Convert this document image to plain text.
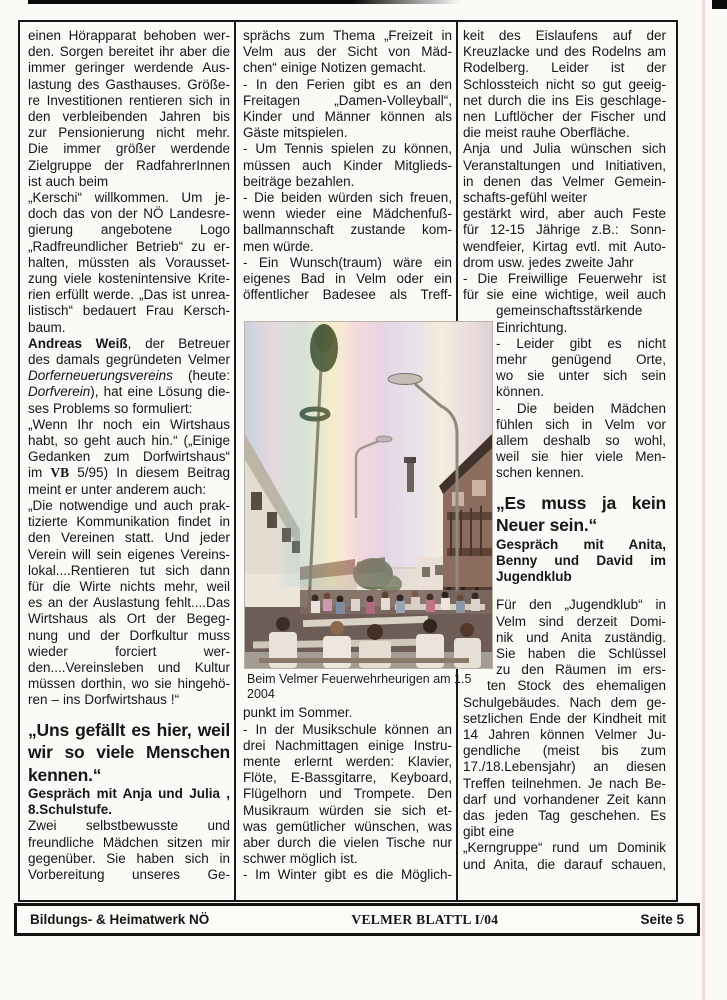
einen Hörapparat behoben wer-
den. Sorgen bereitet ihr aber die
immer geringer werdende Aus-
lastung des Gasthauses. Größe-
re Investitionen rentieren sich in
den verbleibenden Jahren bis
zur Pensionierung nicht mehr.
Die immer größer werdende
Zielgruppe der RadfahrerInnen
ist auch beim
„Kerschi“ willkommen. Um je-
doch das von der NÖ Landesre-
gierung angebotene Logo
„Radfreundlicher Betrieb“ zu er-
halten, müssten als Vorausset-
zung viele kostenintensive Krite-
rien erfüllt werde. „Das ist unrea-
listisch“ bedauert Frau Kersch-
baum.
Andreas Weiß, der Betreuer
des damals gegründeten Velmer
Dorferneuerungsvereins (heute:
Dorfverein), hat eine Lösung die-
ses Problems so formuliert:
„Wenn Ihr noch ein Wirtshaus
habt, so geht auch hin.“ („Einige
Gedanken zum Dorfwirtshaus“
im VB 5/95) In diesem Beitrag
meint er unter anderem auch:
„Die notwendige und auch prak-
tizierte Kommunikation findet in
den Vereinen statt. Und jeder
Verein will sein eigenes Vereins-
lokal....Rentieren tut sich dann
für die Wirte nichts mehr, weil
es an der Auslastung fehlt....Das
Wirtshaus als Ort der Begeg-
nung und der Dorfkultur muss
wieder forciert wer-
den....Vereinsleben und Kultur
müssen dorthin, wo sie hingehö-
ren – ins Dorfwirtshaus !“
„Uns gefällt es hier, weil
wir so viele Menschen
kennen.“
Gespräch mit Anja und Julia ,
8.Schulstufe.
Zwei selbstbewusste und
freundliche Mädchen sitzen mir
gegenüber. Sie haben sich in
Vorbereitung unseres Ge-
sprächs zum Thema „Freizeit in
Velm aus der Sicht von Mäd-
chen“ einige Notizen gemacht.
- In den Ferien gibt es an den
Freitagen „Damen-Volleyball“,
Kinder und Männer können als
Gäste mitspielen.
- Um Tennis spielen zu können,
müssen auch Kinder Mitglieds-
beiträge bezahlen.
- Die beiden würden sich freuen,
wenn wieder eine Mädchenfuß-
ballmannschaft zustande kom-
men würde.
- Ein Wunsch(traum) wäre ein
eigenes Bad in Velm oder ein
öffentlicher Badesee als Treff-
punkt im Sommer.
- In der Musikschule können an
drei Nachmittagen einige Instru-
mente erlernt werden: Klavier,
Flöte, E-Bassgitarre, Keyboard,
Flügelhorn und Trompete. Den
Musikraum würden sie sich et-
was gemütlicher wünschen, was
aber durch die vielen Tische nur
schwer möglich ist.
- Im Winter gibt es die Möglich-
keit des Eislaufens auf der
Kreuzlacke und des Rodelns am
Rodelberg. Leider ist der
Schlossteich nicht so gut geeig-
net durch die ins Eis geschlage-
nen Luftlöcher der Fischer und
die meist rauhe Oberfläche.
Anja und Julia wünschen sich
Veranstaltungen und Initiativen,
in denen das Velmer Gemein-
schafts-gefühl weiter
gestärkt wird, aber auch Feste
für 12-15 Jährige z.B.: Sonn-
wendfeier, Kirtag evtl. mit Auto-
drom usw. jedes zweite Jahr
- Die Freiwillige Feuerwehr ist
für sie eine wichtige, weil auch
gemeinschaftsstärkende
Einrichtung.
- Leider gibt es nicht
mehr genügend Orte,
wo sie unter sich sein
können.
- Die beiden Mädchen
fühlen sich in Velm vor
allem deshalb so wohl,
weil sie hier viele Men-
schen kennen.
„Es muss ja kein
Neuer sein.“
Gespräch mit Anita,
Benny und David im
Jugendklub
Für den „Jugendklub“ in
Velm sind derzeit Domi-
nik und Anita zuständig.
Sie haben die Schlüssel
zu den Räumen im ers-
ten Stock des ehemaligen
Schulgebäudes. Nach dem ge-
setzlichen Ende der Kindheit mit
14 Jahren können Velmer Ju-
gendliche (meist bis zum
17./18.Lebensjahr) an diesen
Treffen teilnehmen. Je nach Be-
darf und vorhandener Zeit kann
das jeden Tag geschehen. Es
gibt eine
„Kerngruppe“ rund um Dominik
und Anita, die darauf schauen,
Beim Velmer Feuerwehrheurigen am 1.5 2004
Bildungs- & Heimatwerk NÖ	VELMER BLATTL I/04	Seite 5
